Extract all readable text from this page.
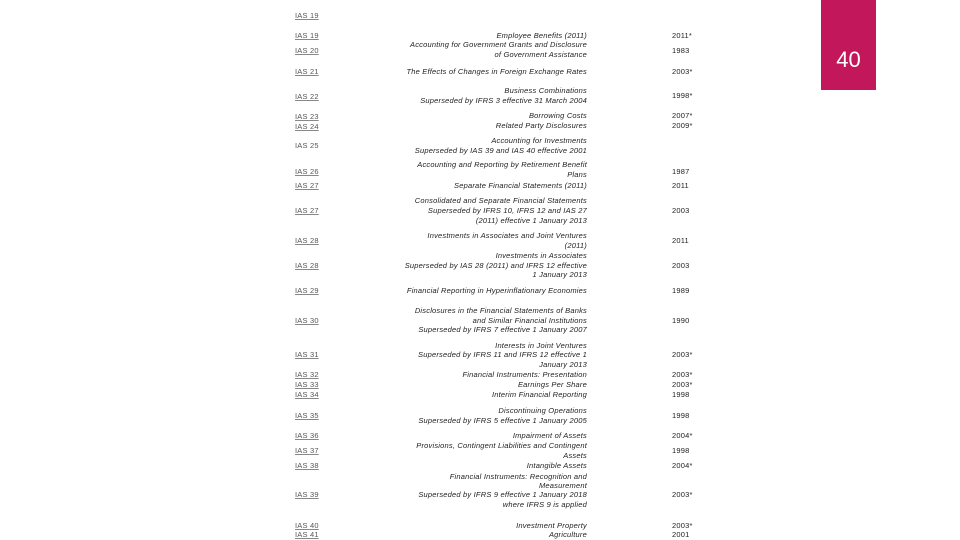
IAS 19
IAS 19
IAS 20
IAS 21
IAS 22
IAS 23
IAS 24
IAS 25
IAS 26
IAS 27
IAS 27
IAS 28
IAS 28
IAS 29
IAS 30
IAS 31
IAS 32
IAS 33
IAS 34
IAS 35
IAS 36
IAS 37
IAS 38
IAS 39
IAS 40
IAS 41
Employee Benefits (2011)
Accounting for Government Grants and Disclosure
of Government Assistance
The Effects of Changes in Foreign Exchange Rates
Business Combinations
Superseded by IFRS 3 effective 31 March 2004
Borrowing Costs
Related Party Disclosures
Accounting for Investments
Superseded by IAS 39 and IAS 40 effective 2001
Accounting and Reporting by Retirement Benefit
Plans
Separate Financial Statements (2011)
Consolidated and Separate Financial Statements
Superseded by IFRS 10, IFRS 12 and IAS 27
(2011) effective 1 January 2013
Investments in Associates and Joint Ventures
(2011)
Investments in Associates
Superseded by IAS 28 (2011) and IFRS 12 effective
1 January 2013
Financial Reporting in Hyperinflationary Economies
Disclosures in the Financial Statements of Banks
and Similar Financial Institutions
Superseded by IFRS 7 effective 1 January 2007
Interests in Joint Ventures
Superseded by IFRS 11 and IFRS 12 effective 1
January 2013
Financial Instruments: Presentation
Earnings Per Share
Interim Financial Reporting
Discontinuing Operations
Superseded by IFRS 5 effective 1 January 2005
Impairment of Assets
Provisions, Contingent Liabilities and Contingent
Assets
Intangible Assets
Financial Instruments: Recognition and
Measurement
Superseded by IFRS 9 effective 1 January 2018
where IFRS 9 is applied
Investment Property
Agriculture
2011*
1983
2003*
1998*
2007*
2009*
1987
2011
2003
2011
2003
1989
1990
2003*
2003*
2003*
1998
1998
2004*
1998
2004*
2003*
2003*
2001
40
